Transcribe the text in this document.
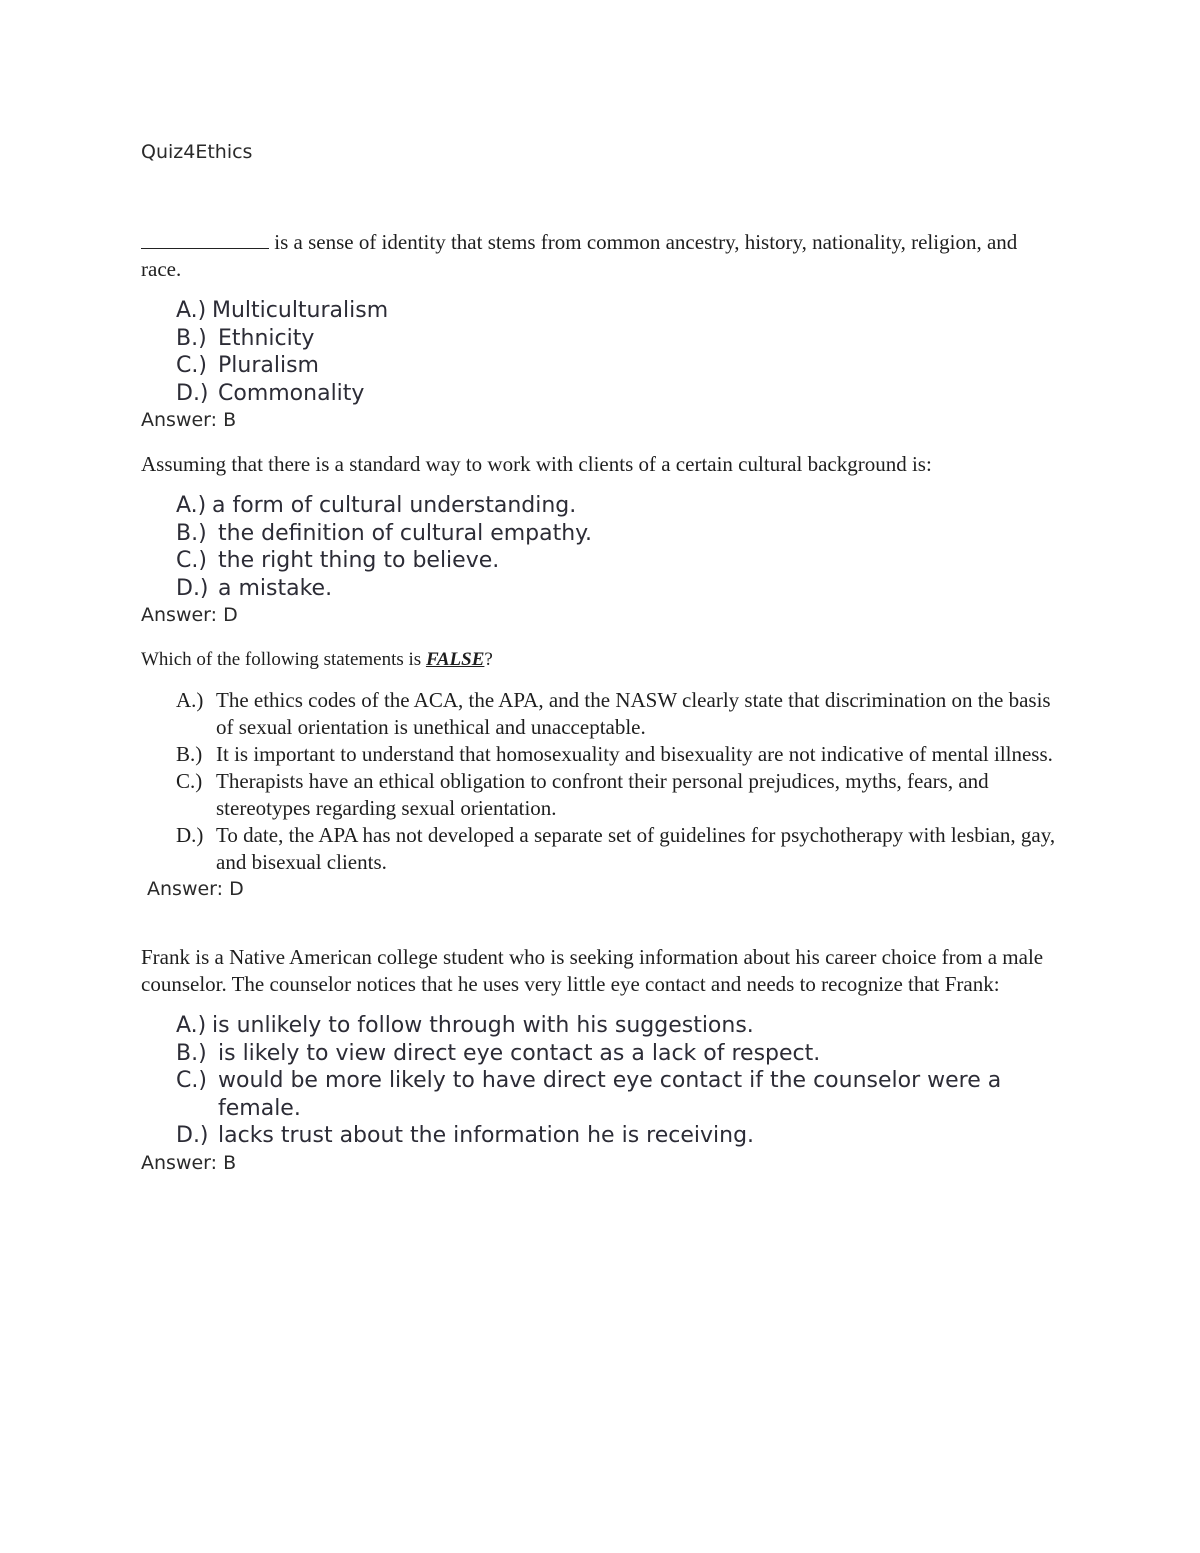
Quiz4Ethics
is a sense of identity that stems from common ancestry, history, nationality, religion, and race.
A.) Multiculturalism
B.) Ethnicity
C.) Pluralism
D.) Commonality
Answer: B
Assuming that there is a standard way to work with clients of a certain cultural background is:
A.) a form of cultural understanding.
B.) the definition of cultural empathy.
C.) the right thing to believe.
D.) a mistake.
Answer: D
Which of the following statements is FALSE?
A.) The ethics codes of the ACA, the APA, and the NASW clearly state that discrimination on the basis of sexual orientation is unethical and unacceptable.
B.) It is important to understand that homosexuality and bisexuality are not indicative of mental illness.
C.) Therapists have an ethical obligation to confront their personal prejudices, myths, fears, and stereotypes regarding sexual orientation.
D.) To date, the APA has not developed a separate set of guidelines for psychotherapy with lesbian, gay, and bisexual clients.
Answer: D
Frank is a Native American college student who is seeking information about his career choice from a male counselor. The counselor notices that he uses very little eye contact and needs to recognize that Frank:
A.) is unlikely to follow through with his suggestions.
B.) is likely to view direct eye contact as a lack of respect.
C.) would be more likely to have direct eye contact if the counselor were a female.
D.) lacks trust about the information he is receiving.
Answer: B
